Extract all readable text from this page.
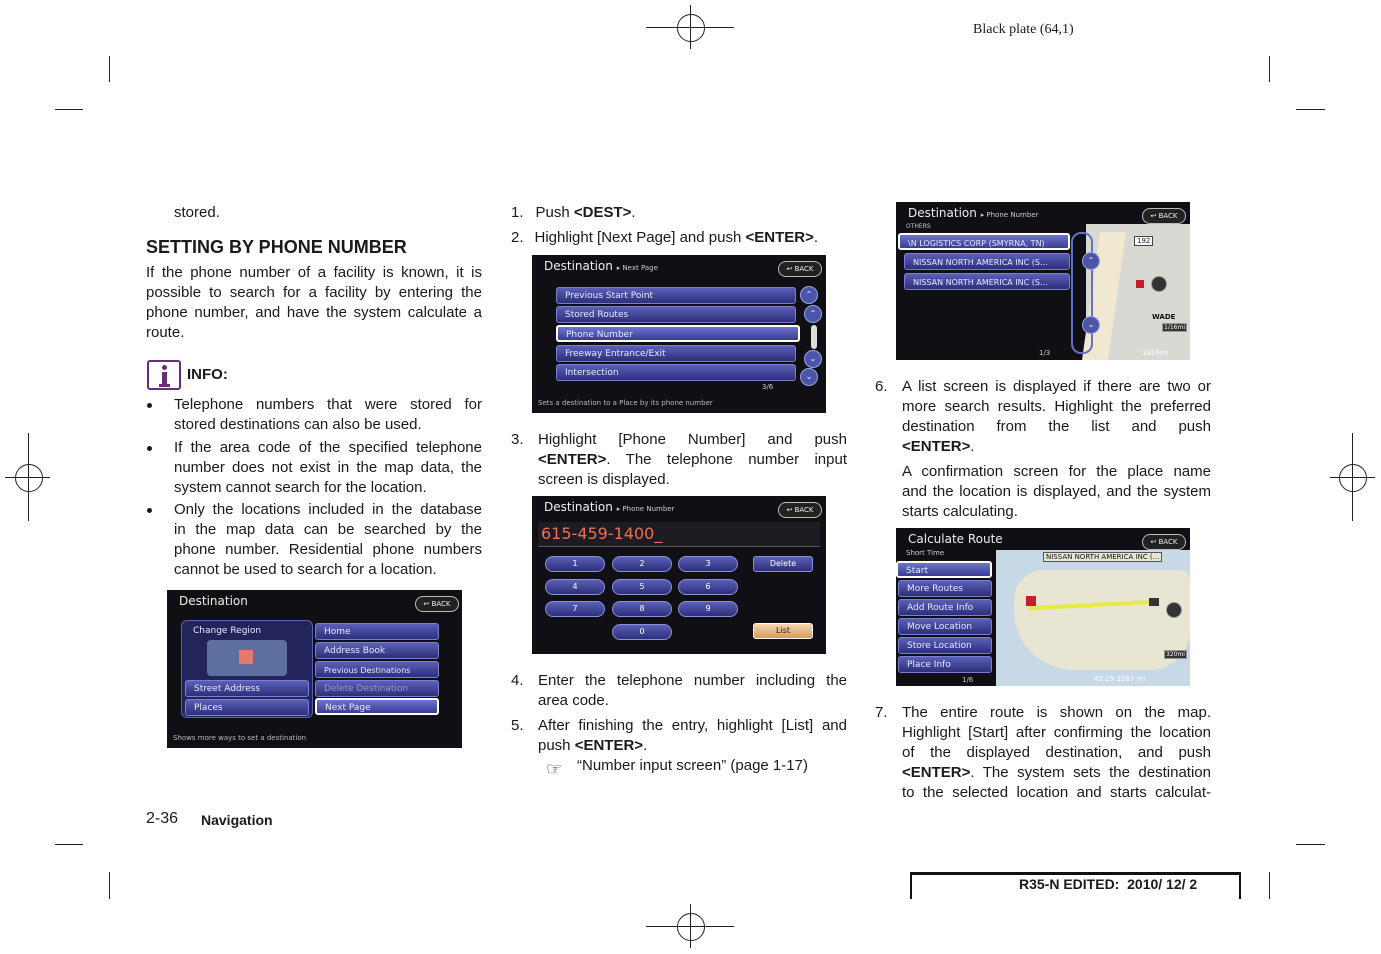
Black plate (64,1)
stored.
SETTING BY PHONE NUMBER
If the phone number of a facility is known, it is
possible to search for a facility by entering the
phone number, and have the system calculate a
route.
INFO:
Telephone numbers that were stored for
stored destinations can also be used.
If the area code of the specified telephone
number does not exist in the map data, the
system cannot search for the location.
Only the locations included in the database
in the map data can be searched by the
phone number. Residential phone numbers
cannot be used to search for a location.
Destination	↩ BACK
Change Region
Street Address
Places
Home
Address Book
Previous Destinations
Delete Destination
Next Page
Shows more ways to set a destination
1. Push <DEST>.
2. Highlight [Next Page] and push <ENTER>.
Destination ▸ Next Page	↩ BACK
Previous Start Point
Stored Routes
Phone Number
Freeway Entrance/Exit
Intersection
⌃
⌃
⌄
⌄
3/6
Sets a destination to a Place by its phone number
3. Highlight [Phone Number] and push
<ENTER>. The telephone number input
screen is displayed.
Destination ▸ Phone Number	↩ BACK
615-459-1400_
1	2	3
4	5	6
7	8	9
0
Delete
List
4. Enter the telephone number including the
area code.
5. After finishing the entry, highlight [List] and
push <ENTER>.
☞ “Number input screen” (page 1-17)
192
WADE
1/16mi
1829mi
Destination ▸ Phone Number	↩ BACK
OTHERS
\N LOGISTICS CORP (SMYRNA, TN)
NISSAN NORTH AMERICA INC (S...
NISSAN NORTH AMERICA INC (S...
⌃
⌄
1/3
6. A list screen is displayed if there are two or
more search results. Highlight the preferred
destination from the list and push
<ENTER>.
A confirmation screen for the place name
and the location is displayed, and the system
starts calculating.
NISSAN NORTH AMERICA INC (...
320mi
42:19 2267 mi
Calculate Route	↩ BACK
Short Time
Start
More Routes
Add Route Info
Move Location
Store Location
Place Info
1/6
7. The entire route is shown on the map.
Highlight [Start] after confirming the location
of the displayed destination, and push
<ENTER>. The system sets the destination
to the selected location and starts calculat-
2-36 Navigation
R35-N EDITED:  2010/ 12/ 2
